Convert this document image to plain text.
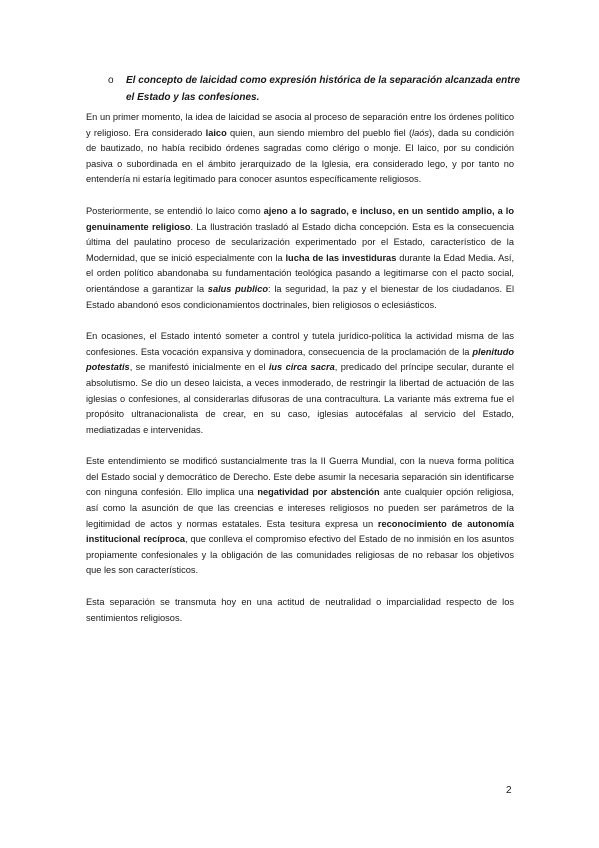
o	El concepto de laicidad como expresión histórica de la separación alcanzada entre el Estado y las confesiones.

En un primer momento, la idea de laicidad se asocia al proceso de separación entre los órdenes político y religioso. Era considerado laico quien, aun siendo miembro del pueblo fiel (laós), dada su condición de bautizado, no había recibido órdenes sagradas como clérigo o monje. El laico, por su condición pasiva o subordinada en el ámbito jerarquizado de la Iglesia, era considerado lego, y por tanto no entendería ni estaría legitimado para conocer asuntos específicamente religiosos.

Posteriormente, se entendió lo laico como ajeno a lo sagrado, e incluso, en un sentido amplio, a lo genuinamente religioso. La Ilustración trasladó al Estado dicha concepción. Esta es la consecuencia última del paulatino proceso de secularización experimentado por el Estado, característico de la Modernidad, que se inició especialmente con la lucha de las investiduras durante la Edad Media. Así, el orden político abandonaba su fundamentación teológica pasando a legitimarse con el pacto social, orientándose a garantizar la salus publico: la seguridad, la paz y el bienestar de los ciudadanos. El Estado abandonó esos condicionamientos doctrinales, bien religiosos o eclesiásticos.

En ocasiones, el Estado intentó someter a control y tutela jurídico-política la actividad misma de las confesiones. Esta vocación expansiva y dominadora, consecuencia de la proclamación de la plenitudo potestatis, se manifestó inicialmente en el ius circa sacra, predicado del príncipe secular, durante el absolutismo. Se dio un deseo laicista, a veces inmoderado, de restringir la libertad de actuación de las iglesias o confesiones, al considerarlas difusoras de una contracultura. La variante más extrema fue el propósito ultranacionalista de crear, en su caso, iglesias autocéfalas al servicio del Estado, mediatizadas e intervenidas.

Este entendimiento se modificó sustancialmente tras la II Guerra Mundial, con la nueva forma política del Estado social y democrático de Derecho. Este debe asumir la necesaria separación sin identificarse con ninguna confesión. Ello implica una negatividad por abstención ante cualquier opción religiosa, así como la asunción de que las creencias e intereses religiosos no pueden ser parámetros de la legitimidad de actos y normas estatales. Esta tesitura expresa un reconocimiento de autonomía institucional recíproca, que conlleva el compromiso efectivo del Estado de no inmisión en los asuntos propiamente confesionales y la obligación de las comunidades religiosas de no rebasar los objetivos que les son característicos.

Esta separación se transmuta hoy en una actitud de neutralidad o imparcialidad respecto de los sentimientos religiosos.

2
